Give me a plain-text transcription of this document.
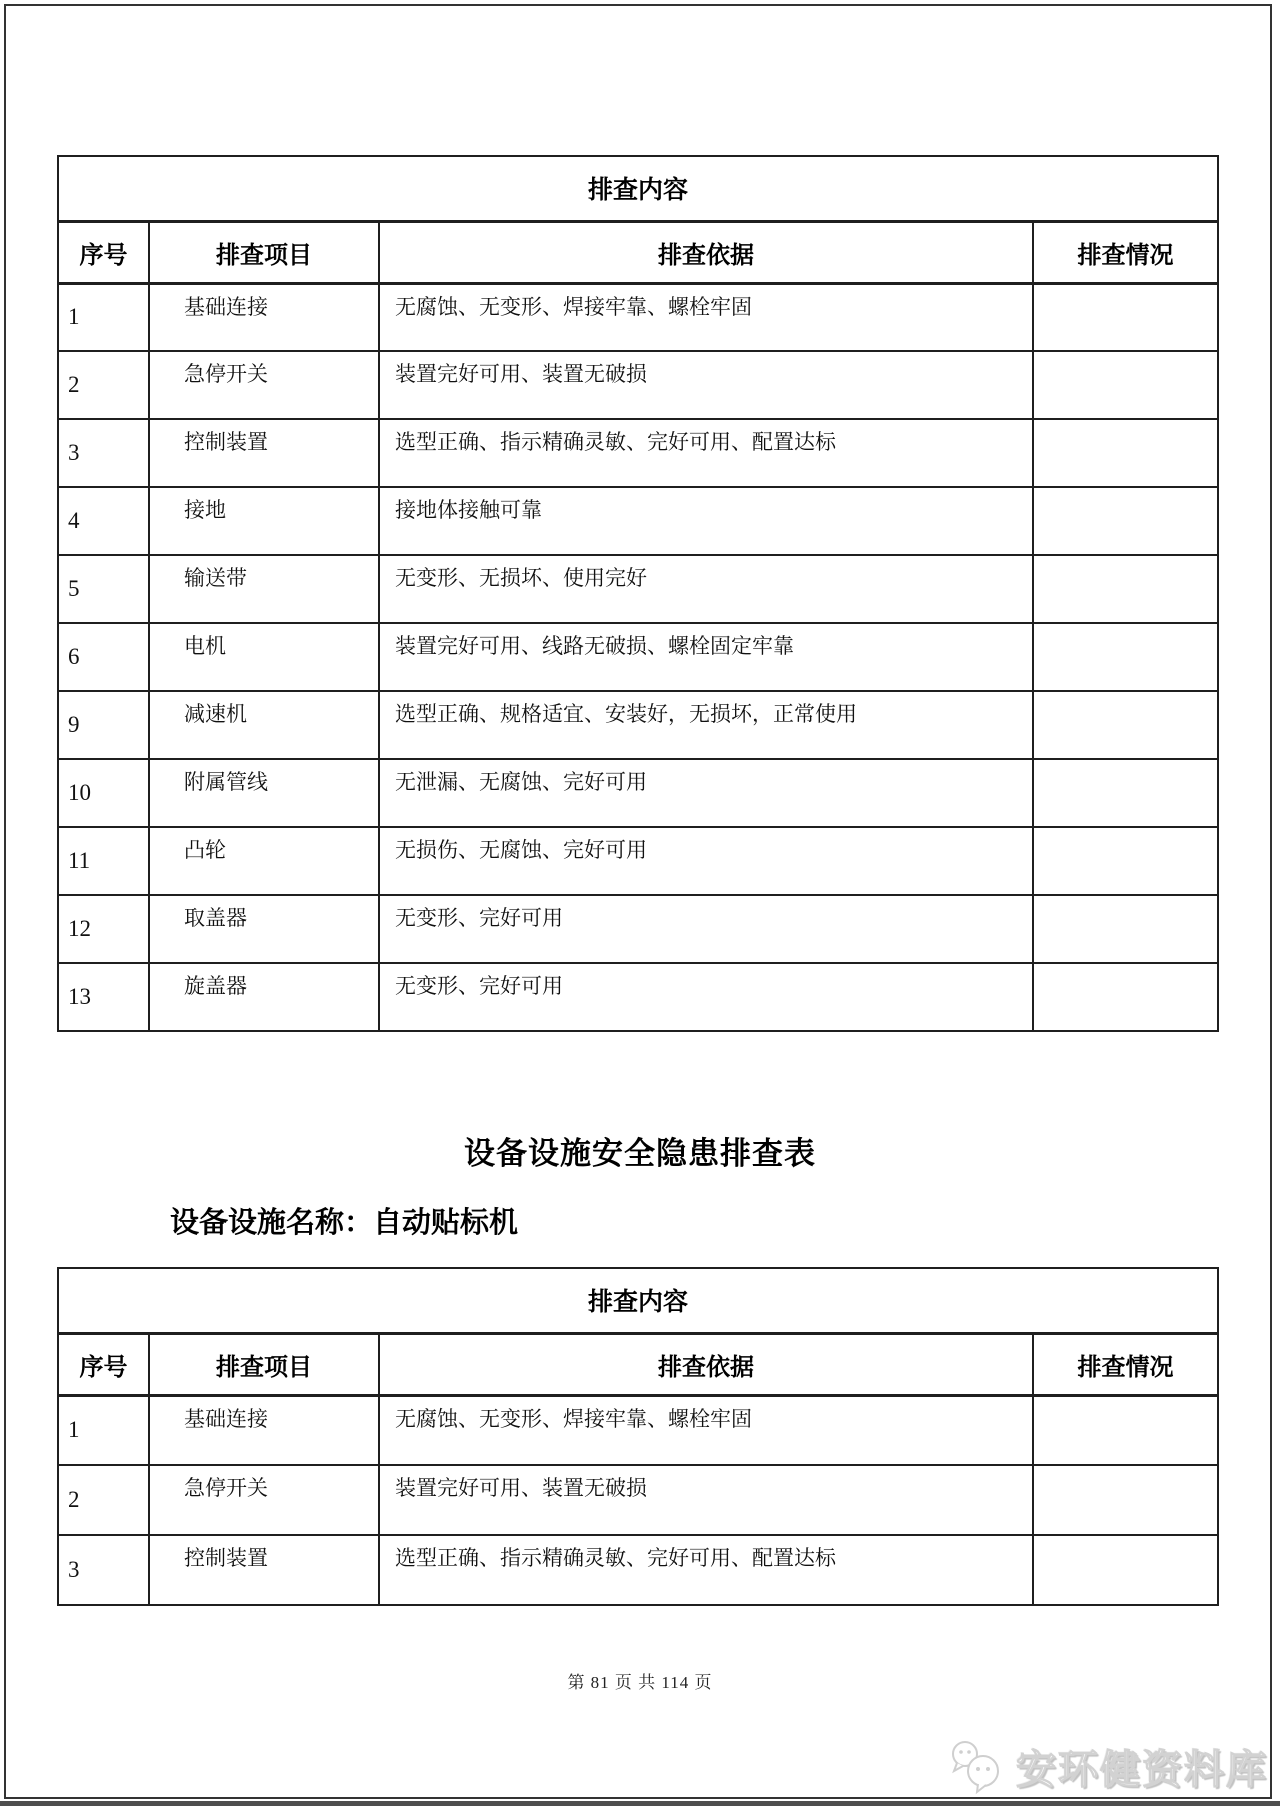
排查内容			
序号	排查项目	排查依据	排查情况
1	基础连接	无腐蚀、无变形、焊接牢靠、螺栓牢固	
2	急停开关	装置完好可用、装置无破损	
3	控制装置	选型正确、指示精确灵敏、完好可用、配置达标	
4	接地	接地体接触可靠	
5	输送带	无变形、无损坏、使用完好	
6	电机	装置完好可用、线路无破损、螺栓固定牢靠	
9	减速机	选型正确、规格适宜、安装好，无损坏，正常使用	
10	附属管线	无泄漏、无腐蚀、完好可用	
11	凸轮	无损伤、无腐蚀、完好可用	
12	取盖器	无变形、完好可用	
13	旋盖器	无变形、完好可用	
设备设施安全隐患排查表
设备设施名称：自动贴标机
排查内容			
序号	排查项目	排查依据	排查情况
1	基础连接	无腐蚀、无变形、焊接牢靠、螺栓牢固	
2	急停开关	装置完好可用、装置无破损	
3	控制装置	选型正确、指示精确灵敏、完好可用、配置达标	
第 81 页 共 114 页
安环健资料库
